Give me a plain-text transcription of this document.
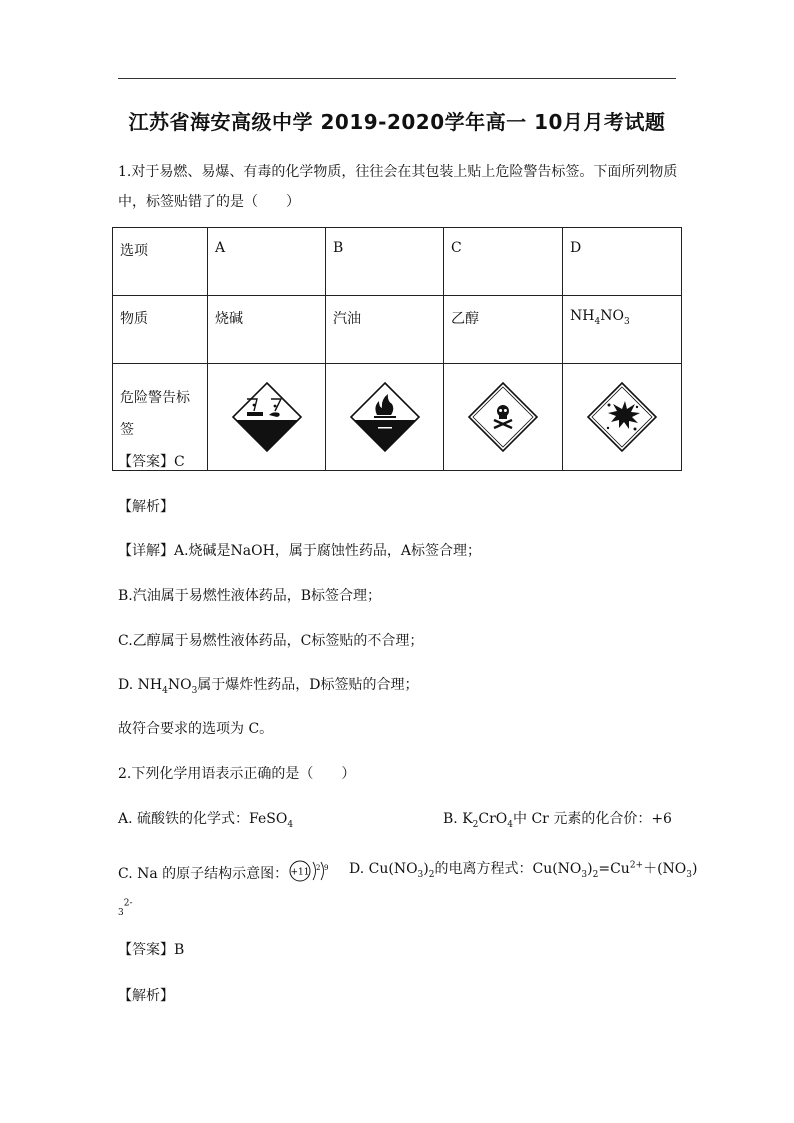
江苏省海安高级中学 2019-2020学年高一 10月月考试题
1.对于易燃、易爆、有毒的化学物质，往往会在其包装上贴上危险警告标签。下面所列物质中，标签贴错了的是（　　）
选项	A	B	C	D
物质	烧碱	汽油	乙醇	$NH_4NO_3$

危险警告标签

【答案】C
【解析】
【详解】A.烧碱是NaOH，属于腐蚀性药品，A标签合理；
B.汽油属于易燃性液体药品，B标签合理；
C.乙醇属于易燃性液体药品，C标签贴的不合理；
D. $NH_4NO_3$属于爆炸性药品，D标签贴的合理；
故符合要求的选项为 C。
2.下列化学用语表示正确的是（　　）
A. 硫酸铁的化学式：FeSO$_4$	B. $K_2CrO_4$中 Cr 元素的化合价：+6
C. Na 的原子结构示意图： +11 2 9 D. $Cu(NO_3)_2$的电离方程式：$Cu(NO_3)_2=Cu^{2+}+(NO_3)$
$_3^{2-}$
【答案】B
【解析】
